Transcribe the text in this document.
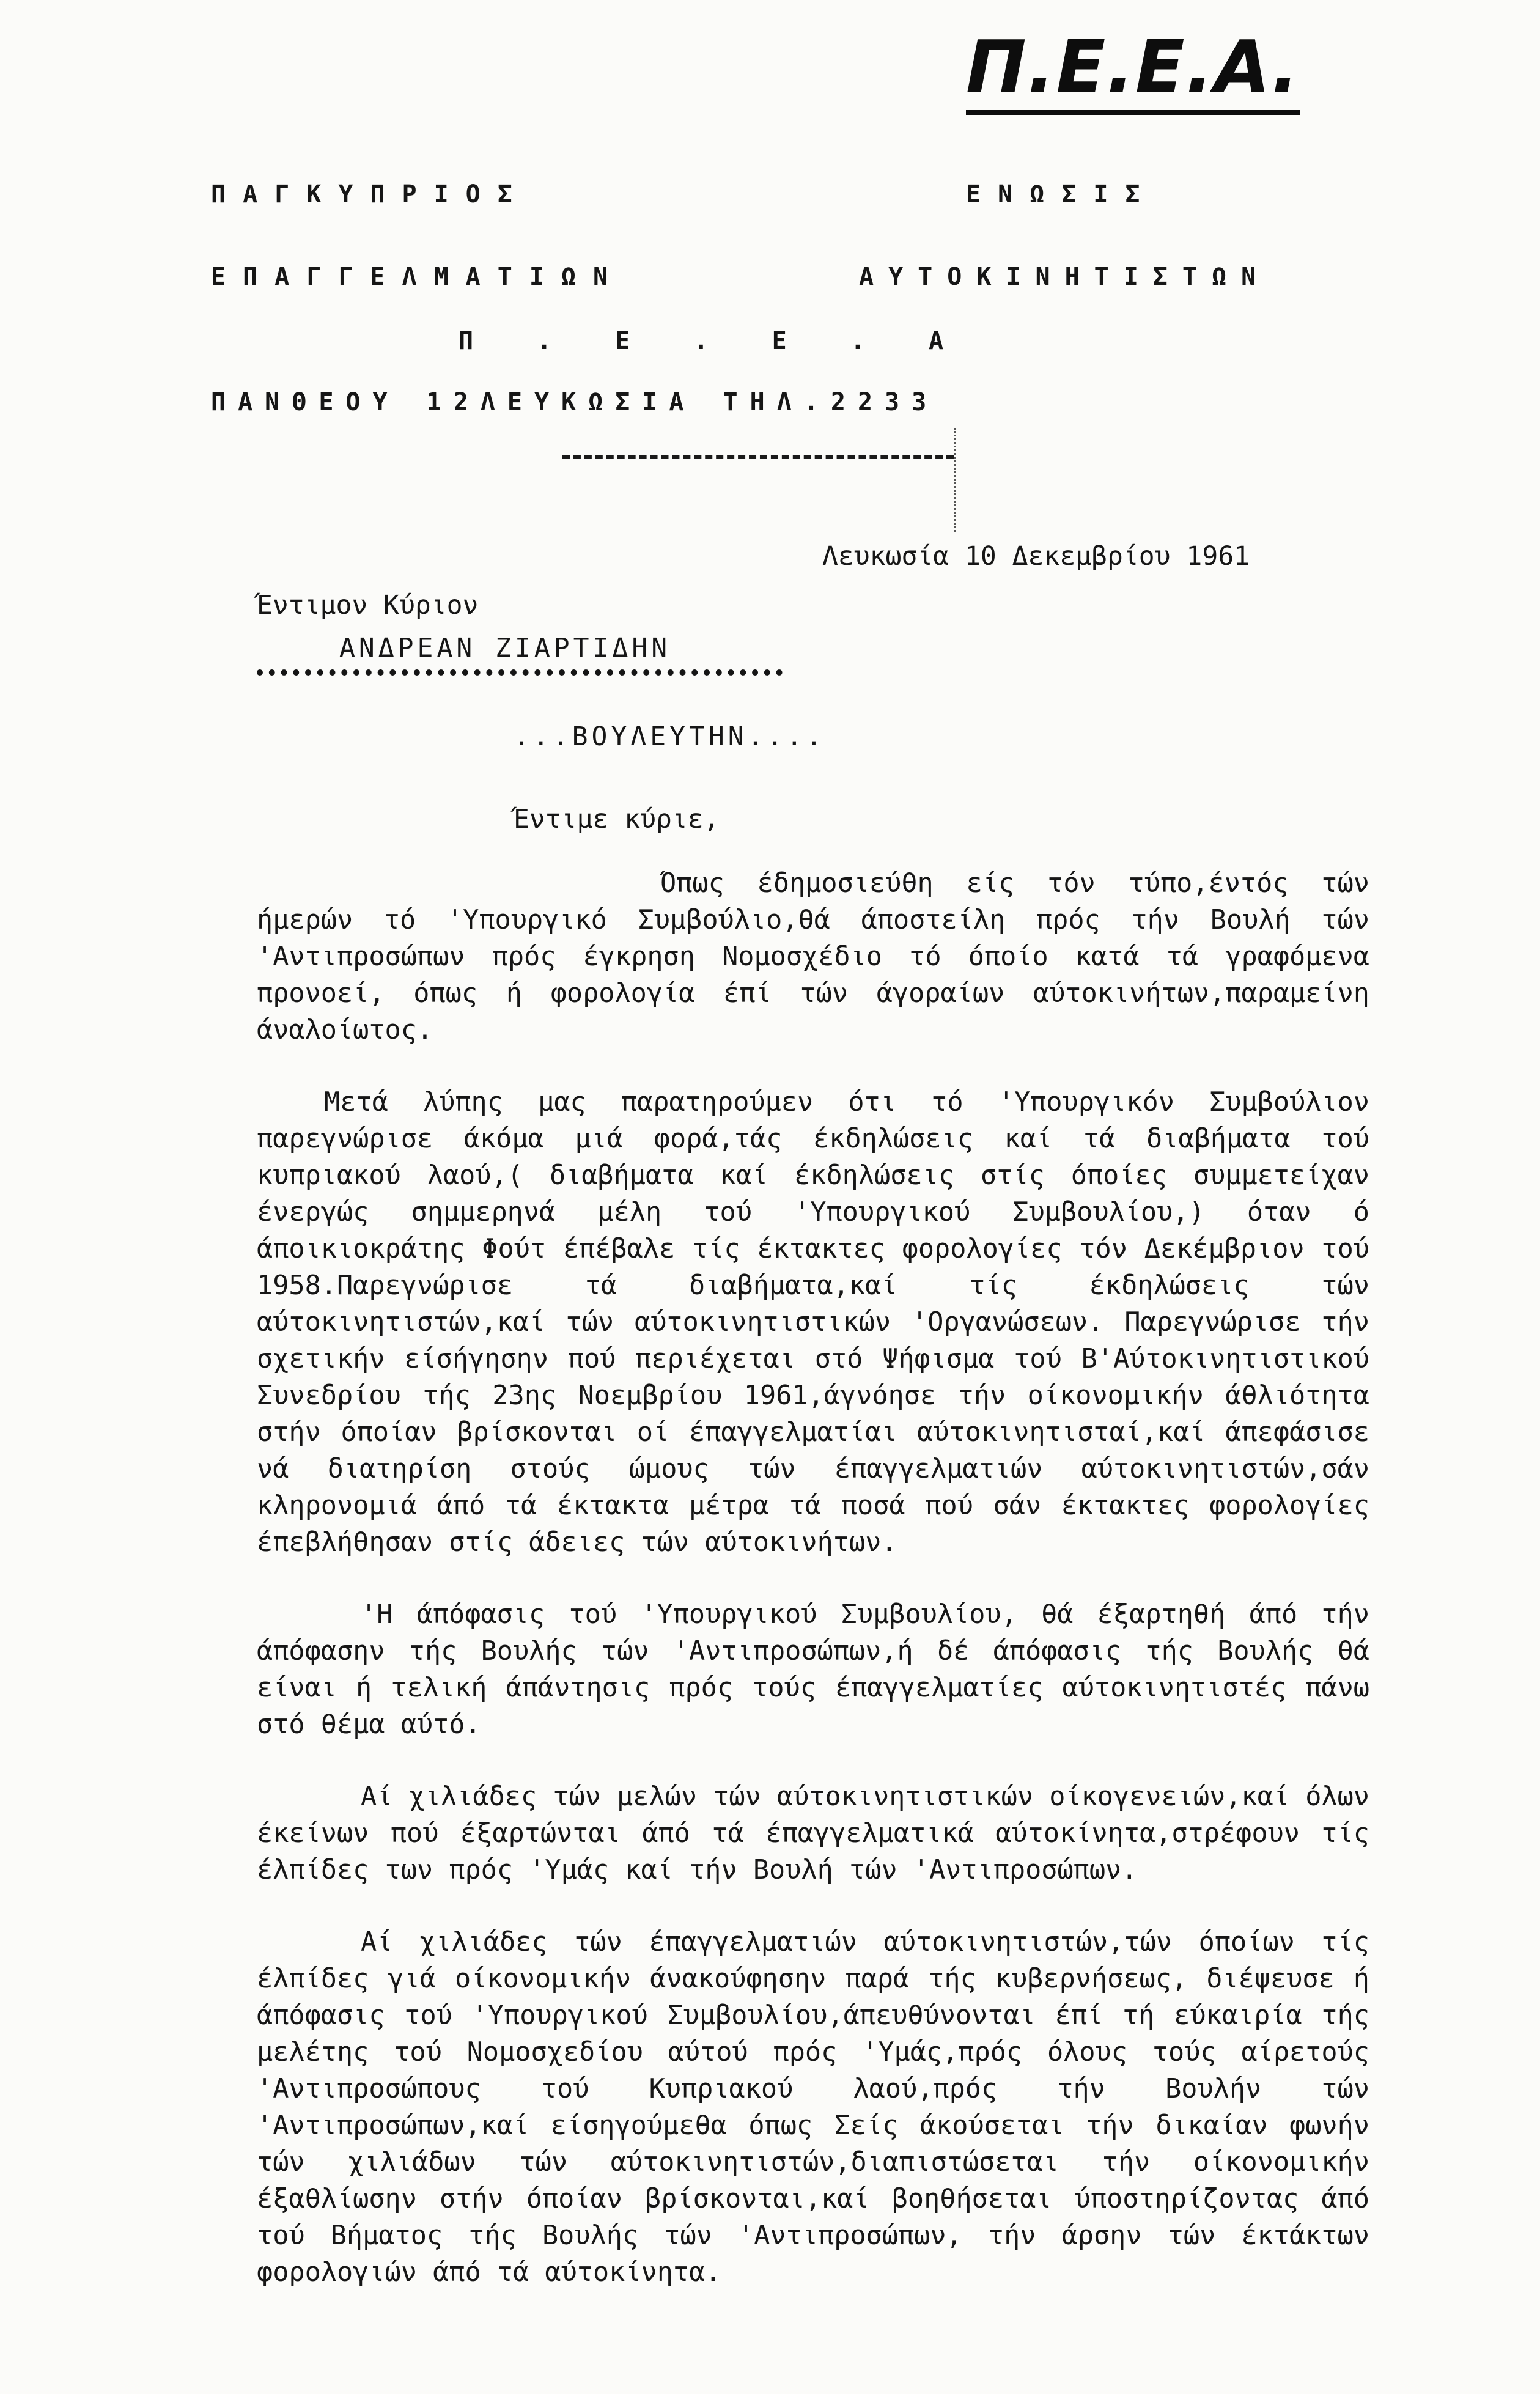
Π.Ε.Ε.Α.
ΠΑΓΚΥΠΡΙΟΣ	ΕΝΩΣΙΣ
ΕΠΑΓΓΕΛΜΑΤΙΩΝ	ΑΥΤΟΚΙΝΗΤΙΣΤΩΝ
Π . Ε . Ε . Α
ΠΑΝΘΕΟΥ 12ΛΕΥΚΩΣΙΑ ΤΗΛ.2233
Λευκωσία 10 Δεκεμβρίου 1961
Έντιμον Κύριον
ΑΝΔΡΕΑΝ ΖΙΑΡΤΙΔΗΝ
...ΒΟΥΛΕΥΤΗΝ....
Έντιμε κύριε,

Όπως έδημοσιεύθη είς τόν τύπο,έντός τών ήμερών τό 'Υπουργικό Συμβούλιο,θά άποστείλη πρός τήν Βουλή τών 'Αντιπροσώπων πρός έγκρηση Νομοσχέδιο τό όποίο κατά τά γραφόμενα προνοεί, όπως ή φορολογία έπί τών άγοραίων αύτοκινήτων,παραμείνη άναλοίωτος.

Μετά λύπης μας παρατηρούμεν ότι τό 'Υπουργικόν Συμβούλιον παρεγνώρισε άκόμα μιά φορά,τάς έκδηλώσεις καί τά διαβήματα τού κυπριακού λαού,( διαβήματα καί έκδηλώσεις στίς όποίες συμμετείχαν ένεργώς σημμερηνά μέλη τού 'Υπουργικού Συμβουλίου,) όταν ό άποικιοκράτης Φούτ έπέβαλε τίς έκτακτες φορολογίες τόν Δεκέμβριον τού 1958.Παρεγνώρισε τά διαβήματα,καί τίς έκδηλώσεις τών αύτοκινητιστών,καί τών αύτοκινητιστικών 'Οργανώσεων. Παρεγνώρισε τήν σχετικήν είσήγησην πού περιέχεται στό Ψήφισμα τού Β'Αύτοκινητιστικού Συνεδρίου τής 23ης Νοεμβρίου 1961,άγνόησε τήν οίκονομικήν άθλιότητα στήν όποίαν βρίσκονται οί έπαγγελματίαι αύτοκινητισταί,καί άπεφάσισε νά διατηρίση στούς ώμους τών έπαγγελματιών αύτοκινητιστών,σάν κληρονομιά άπό τά έκτακτα μέτρα τά ποσά πού σάν έκτακτες φορολογίες έπεβλήθησαν στίς άδειες τών αύτοκινήτων.

'Η άπόφασις τού 'Υπουργικού Συμβουλίου, θά έξαρτηθή άπό τήν άπόφασην τής Βουλής τών 'Αντιπροσώπων,ή δέ άπόφασις τής Βουλής θά είναι ή τελική άπάντησις πρός τούς έπαγγελματίες αύτοκινητιστές πάνω στό θέμα αύτό.

Αί χιλιάδες τών μελών τών αύτοκινητιστικών οίκογενειών,καί όλων έκείνων πού έξαρτώνται άπό τά έπαγγελματικά αύτοκίνητα,στρέφουν τίς έλπίδες των πρός 'Υμάς καί τήν Βουλή τών 'Αντιπροσώπων.

Αί χιλιάδες τών έπαγγελματιών αύτοκινητιστών,τών όποίων τίς έλπίδες γιά οίκονομικήν άνακούφησην παρά τής κυβερνήσεως, διέψευσε ή άπόφασις τού 'Υπουργικού Συμβουλίου,άπευθύνονται έπί τή εύκαιρία τής μελέτης τού Νομοσχεδίου αύτού πρός 'Υμάς,πρός όλους τούς αίρετούς 'Αντιπροσώπους τού Κυπριακού λαού,πρός τήν Βουλήν τών 'Αντιπροσώπων,καί είσηγούμεθα όπως Σείς άκούσεται τήν δικαίαν φωνήν τών χιλιάδων τών αύτοκινητιστών,διαπιστώσεται τήν οίκονομικήν έξαθλίωσην στήν όποίαν βρίσκονται,καί βοηθήσεται ύποστηρίζοντας άπό τού Βήματος τής Βουλής τών 'Αντιπροσώπων, τήν άρσην τών έκτάκτων φορολογιών άπό τά αύτοκίνητα.
